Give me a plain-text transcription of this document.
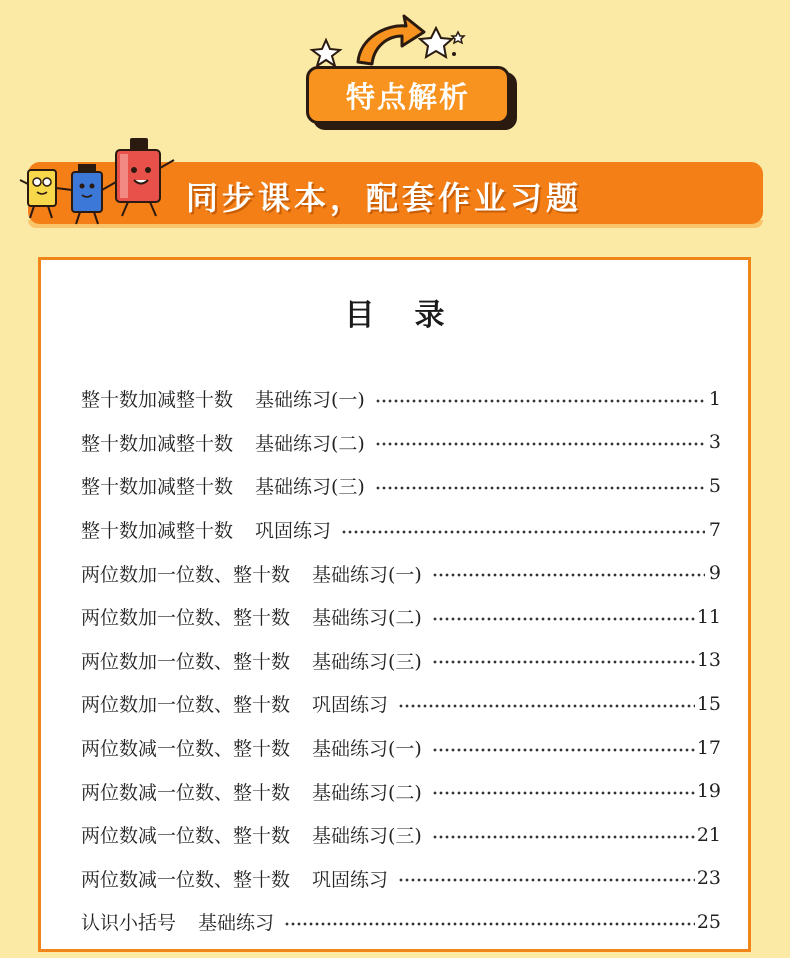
特点解析
同步课本，配套作业习题
目 录
整十数加减整十数 基础练习(一)	1
整十数加减整十数 基础练习(二)	3
整十数加减整十数 基础练习(三)	5
整十数加减整十数 巩固练习	7
两位数加一位数、整十数 基础练习(一)	9
两位数加一位数、整十数 基础练习(二)	11
两位数加一位数、整十数 基础练习(三)	13
两位数加一位数、整十数 巩固练习	15
两位数减一位数、整十数 基础练习(一)	17
两位数减一位数、整十数 基础练习(二)	19
两位数减一位数、整十数 基础练习(三)	21
两位数减一位数、整十数 巩固练习	23
认识小括号 基础练习	25
